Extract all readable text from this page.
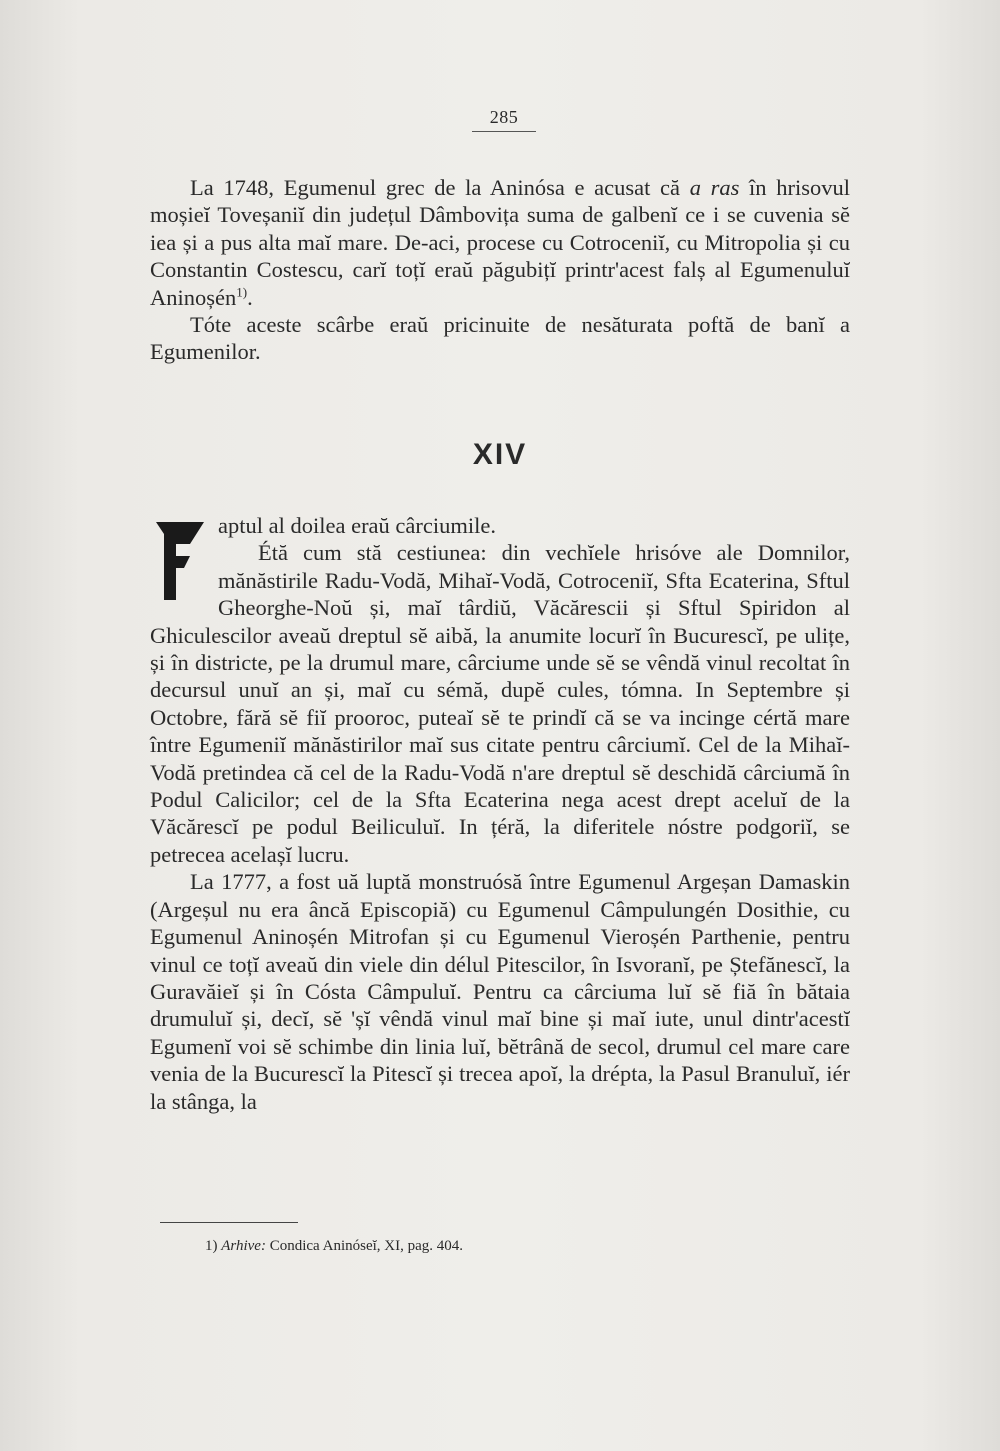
285

La 1748, Egumenul grec de la Aninósa e acusat că a ras în hrisovul moșieĭ Toveșaniĭ din județul Dâmbovița suma de galbenĭ ce i se cuvenia sĕ iea și a pus alta maĭ mare. De-aci, procese cu Cotroceniĭ, cu Mitropolia și cu Constantin Costescu, carĭ toțĭ eraŭ păgubițĭ printr'acest falș al Egumenuluĭ Aninoșén$^{1)}$.

Tóte aceste scârbe eraŭ pricinuite de nesăturata poftă de banĭ a Egumenilor.

XIV

aptul al doilea eraŭ cârciumile.

Étă cum stă cestiunea: din vechĭele hrisóve ale Domnilor, mănăstirile Radu-Vodă, Mihaĭ-Vodă, Cotroceniĭ, Sfta Ecaterina, Sftul Gheorghe-Noŭ și, maĭ târdiŭ, Văcărescii și Sftul Spiridon al Ghiculescilor aveaŭ dreptul sĕ aibă, la anumite locurĭ în Bucurescĭ, pe ulițe, și în districte, pe la drumul mare, cârciume unde sĕ se vêndă vinul recoltat în decursul unuĭ an și, maĭ cu sémă, dupĕ cules, tómna. In Septembre și Octobre, fără sĕ fiĭ prooroc, puteaĭ sĕ te prindĭ că se va incinge cértă mare între Egumeniĭ mănăstirilor maĭ sus citate pentru cârciumĭ. Cel de la Mihaĭ-Vodă pretindea că cel de la Radu-Vodă n'are dreptul sĕ deschidă cârciumă în Podul Calicilor; cel de la Sfta Ecaterina nega acest drept aceluĭ de la Văcărescĭ pe podul Beiliculuĭ. In țéră, la diferitele nóstre podgoriĭ, se petrecea acelașĭ lucru.

La 1777, a fost uă luptă monstruósă între Egumenul Argeșan Damaskin (Argeșul nu era âncă Episcopiă) cu Egumenul Câmpulungén Dosithie, cu Egumenul Aninoșén Mitrofan și cu Egumenul Vieroșén Parthenie, pentru vinul ce toțĭ aveaŭ din viele din délul Pitescilor, în Isvoranĭ, pe Ștefănescĭ, la Guravăieĭ și în Cósta Câmpuluĭ. Pentru ca cârciuma luĭ sĕ fiă în bătaia drumuluĭ și, decĭ, sĕ 'șĭ vêndă vinul maĭ bine și maĭ iute, unul dintr'acestĭ Egumenĭ voi sĕ schimbe din linia luĭ, bĕtrână de secol, drumul cel mare care venia de la Bucurescĭ la Pitescĭ și trecea apoĭ, la drépta, la Pasul Branuluĭ, iér la stânga, la

1) Arhive: Condica Aninóseĭ, XI, pag. 404.
